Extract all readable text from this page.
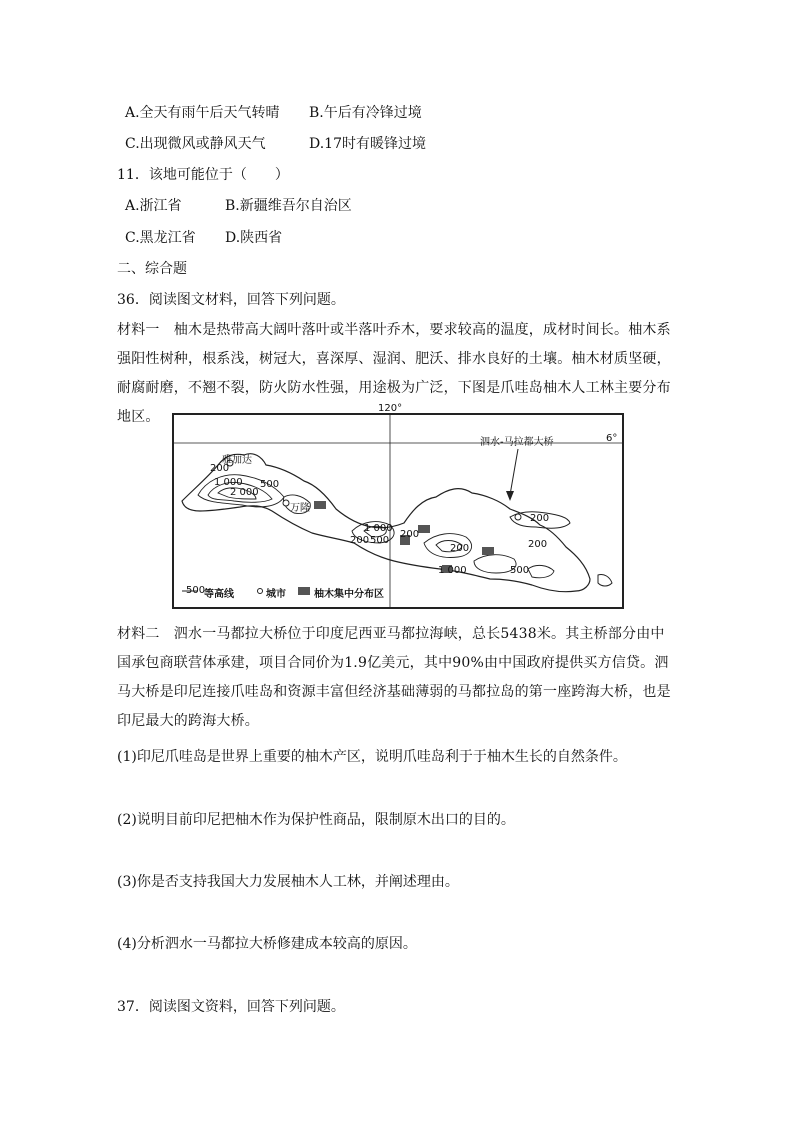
A.全天有雨午后天气转晴 B.午后有冷锋过境
C.出现微风或静风天气	D.17时有暖锋过境
11．该地可能位于（　　）
A.浙江省	B.新疆维吾尔自治区
C.黑龙江省 D.陕西省
二、综合题
36．阅读图文材料，回答下列问题。
材料一　柚木是热带高大阔叶落叶或半落叶乔木，要求较高的温度，成材时间长。柚木系强阳性树种，根系浅，树冠大，喜深厚、湿润、肥沃、排水良好的土壤。柚木材质坚硬，耐腐耐磨，不翘不裂，防火防水性强，用途极为广泛，下图是爪哇岛柚木人工林主要分布地区。
120°
6°
泗水-马拉都大桥
雅加达
万隆
200
1 000
2 000
500
1 000
200
200
500
200
200
1 000	500
200
500
等高线	城市	柚木集中分布区
材料二　泗水一马都拉大桥位于印度尼西亚马都拉海峡，总长5438米。其主桥部分由中国承包商联营体承建，项目合同价为1.9亿美元，其中90%由中国政府提供买方信贷。泗马大桥是印尼连接爪哇岛和资源丰富但经济基础薄弱的马都拉岛的第一座跨海大桥，也是印尼最大的跨海大桥。
(1)印尼爪哇岛是世界上重要的柚木产区，说明爪哇岛利于于柚木生长的自然条件。
(2)说明目前印尼把柚木作为保护性商品，限制原木出口的目的。
(3)你是否支持我国大力发展柚木人工林，并阐述理由。
(4)分析泗水一马都拉大桥修建成本较高的原因。
37．阅读图文资料，回答下列问题。
